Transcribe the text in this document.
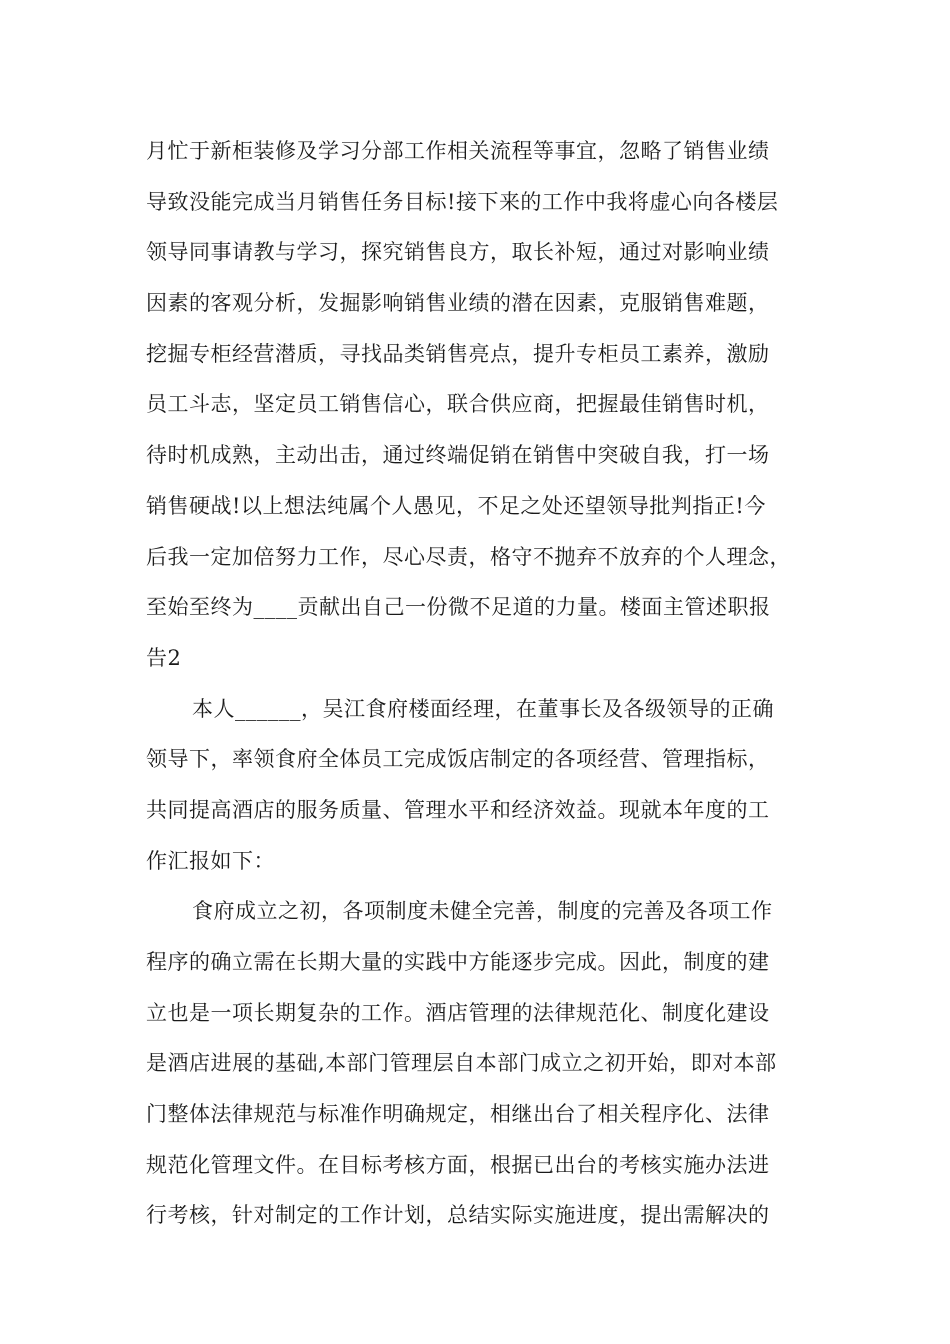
月忙于新柜装修及学习分部工作相关流程等事宜，忽略了销售业绩
导致没能完成当月销售任务目标!接下来的工作中我将虚心向各楼层
领导同事请教与学习，探究销售良方，取长补短，通过对影响业绩
因素的客观分析，发掘影响销售业绩的潜在因素，克服销售难题，
挖掘专柜经营潜质，寻找品类销售亮点，提升专柜员工素养，激励
员工斗志，坚定员工销售信心，联合供应商，把握最佳销售时机，
待时机成熟，主动出击，通过终端促销在销售中突破自我，打一场
销售硬战!以上想法纯属个人愚见，不足之处还望领导批判指正!今
后我一定加倍努力工作，尽心尽责，格守不抛弃不放弃的个人理念，
至始至终为____贡献出自己一份微不足道的力量。楼面主管述职报
告2
本人______，吴江食府楼面经理，在董事长及各级领导的正确
领导下，率领食府全体员工完成饭店制定的各项经营、管理指标，
共同提高酒店的服务质量、管理水平和经济效益。现就本年度的工
作汇报如下：
食府成立之初，各项制度未健全完善，制度的完善及各项工作
程序的确立需在长期大量的实践中方能逐步完成。因此，制度的建
立也是一项长期复杂的工作。酒店管理的法律规范化、制度化建设
是酒店进展的基础,本部门管理层自本部门成立之初开始，即对本部
门整体法律规范与标准作明确规定，相继出台了相关程序化、法律
规范化管理文件。在目标考核方面，根据已出台的考核实施办法进
行考核，针对制定的工作计划，总结实际实施进度，提出需解决的
